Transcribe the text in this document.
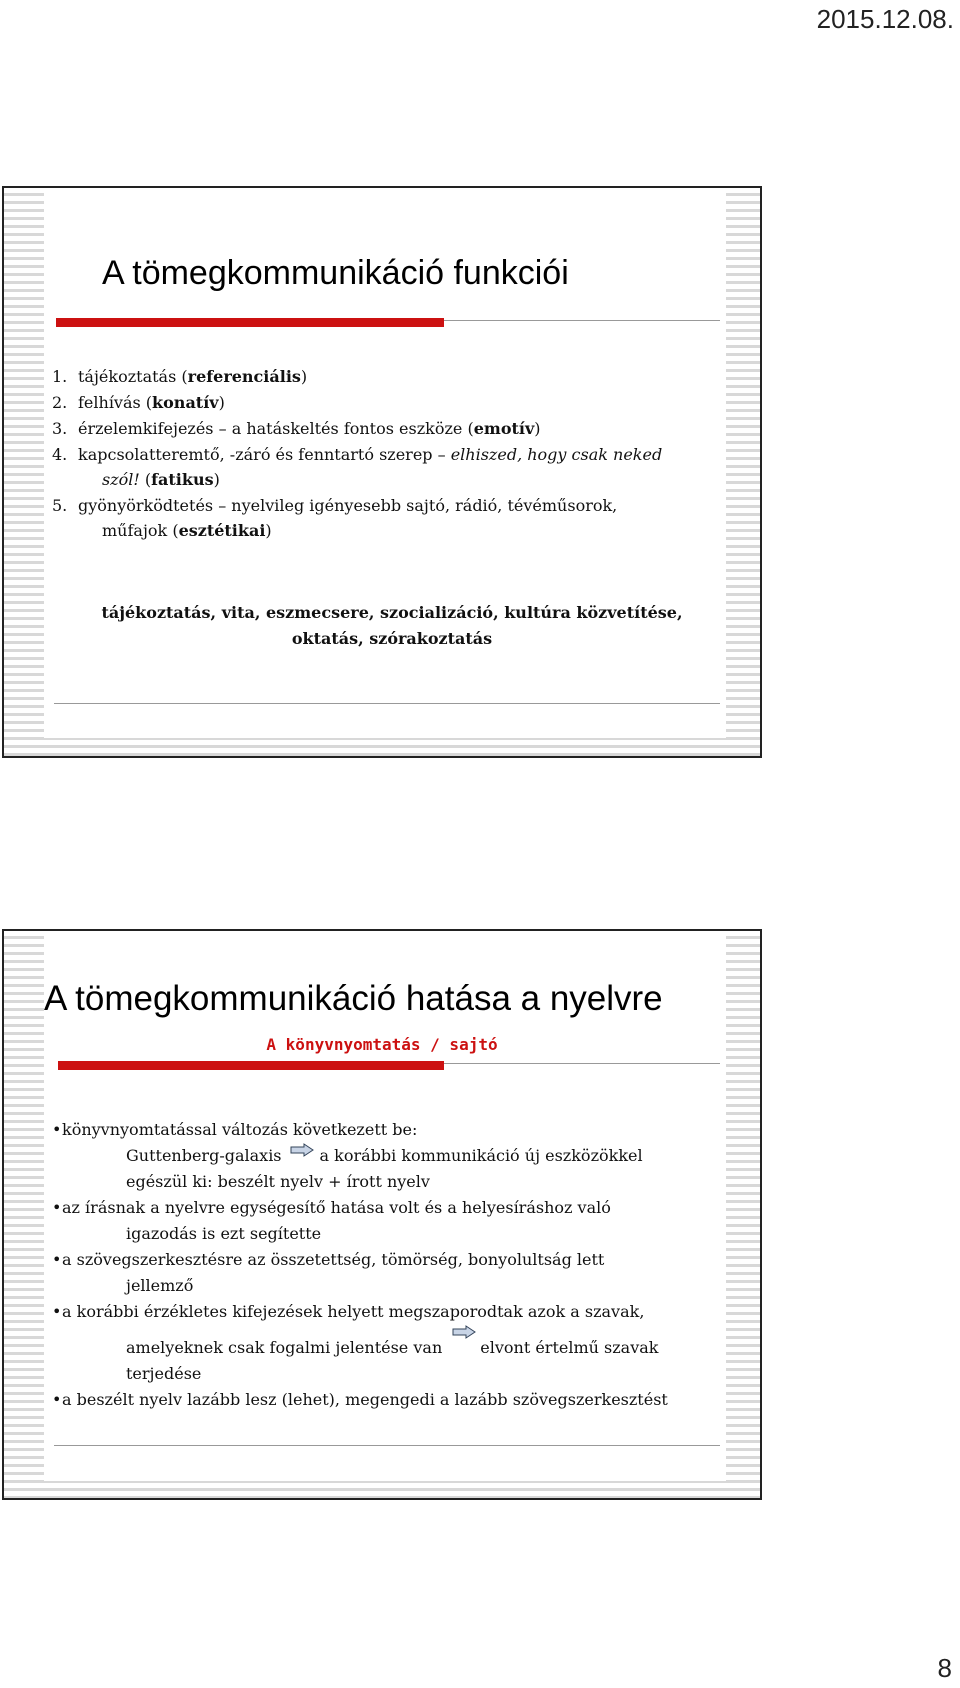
2015.12.08.
A tömegkommunikáció funkciói
1. tájékoztatás (referenciális)
2. felhívás (konatív)
3. érzelemkifejezés – a hatáskeltés fontos eszköze (emotív)
4. kapcsolatteremtő, -záró és fenntartó szerep – elhiszed, hogy csak neked
szól! (fatikus)
5. gyönyörködtetés – nyelvileg igényesebb sajtó, rádió, tévéműsorok,
műfajok (esztétikai)
tájékoztatás, vita, eszmecsere, szocializáció, kultúra közvetítése,
oktatás, szórakoztatás
A tömegkommunikáció hatása a nyelvre
A könyvnyomtatás / sajtó
• könyvnyomtatással változás következett be:
Guttenberg-galaxis a korábbi kommunikáció új eszközökkel
egészül ki: beszélt nyelv + írott nyelv
• az írásnak a nyelvre egységesítő hatása volt és a helyesíráshoz való
igazodás is ezt segítette
• a szövegszerkesztésre az összetettség, tömörség, bonyolultság lett
jellemző
• a korábbi érzékletes kifejezések helyett megszaporodtak azok a szavak,
amelyeknek csak fogalmi jelentése van elvont értelmű szavak
terjedése
• a beszélt nyelv lazább lesz (lehet), megengedi a lazább szövegszerkesztést
8
